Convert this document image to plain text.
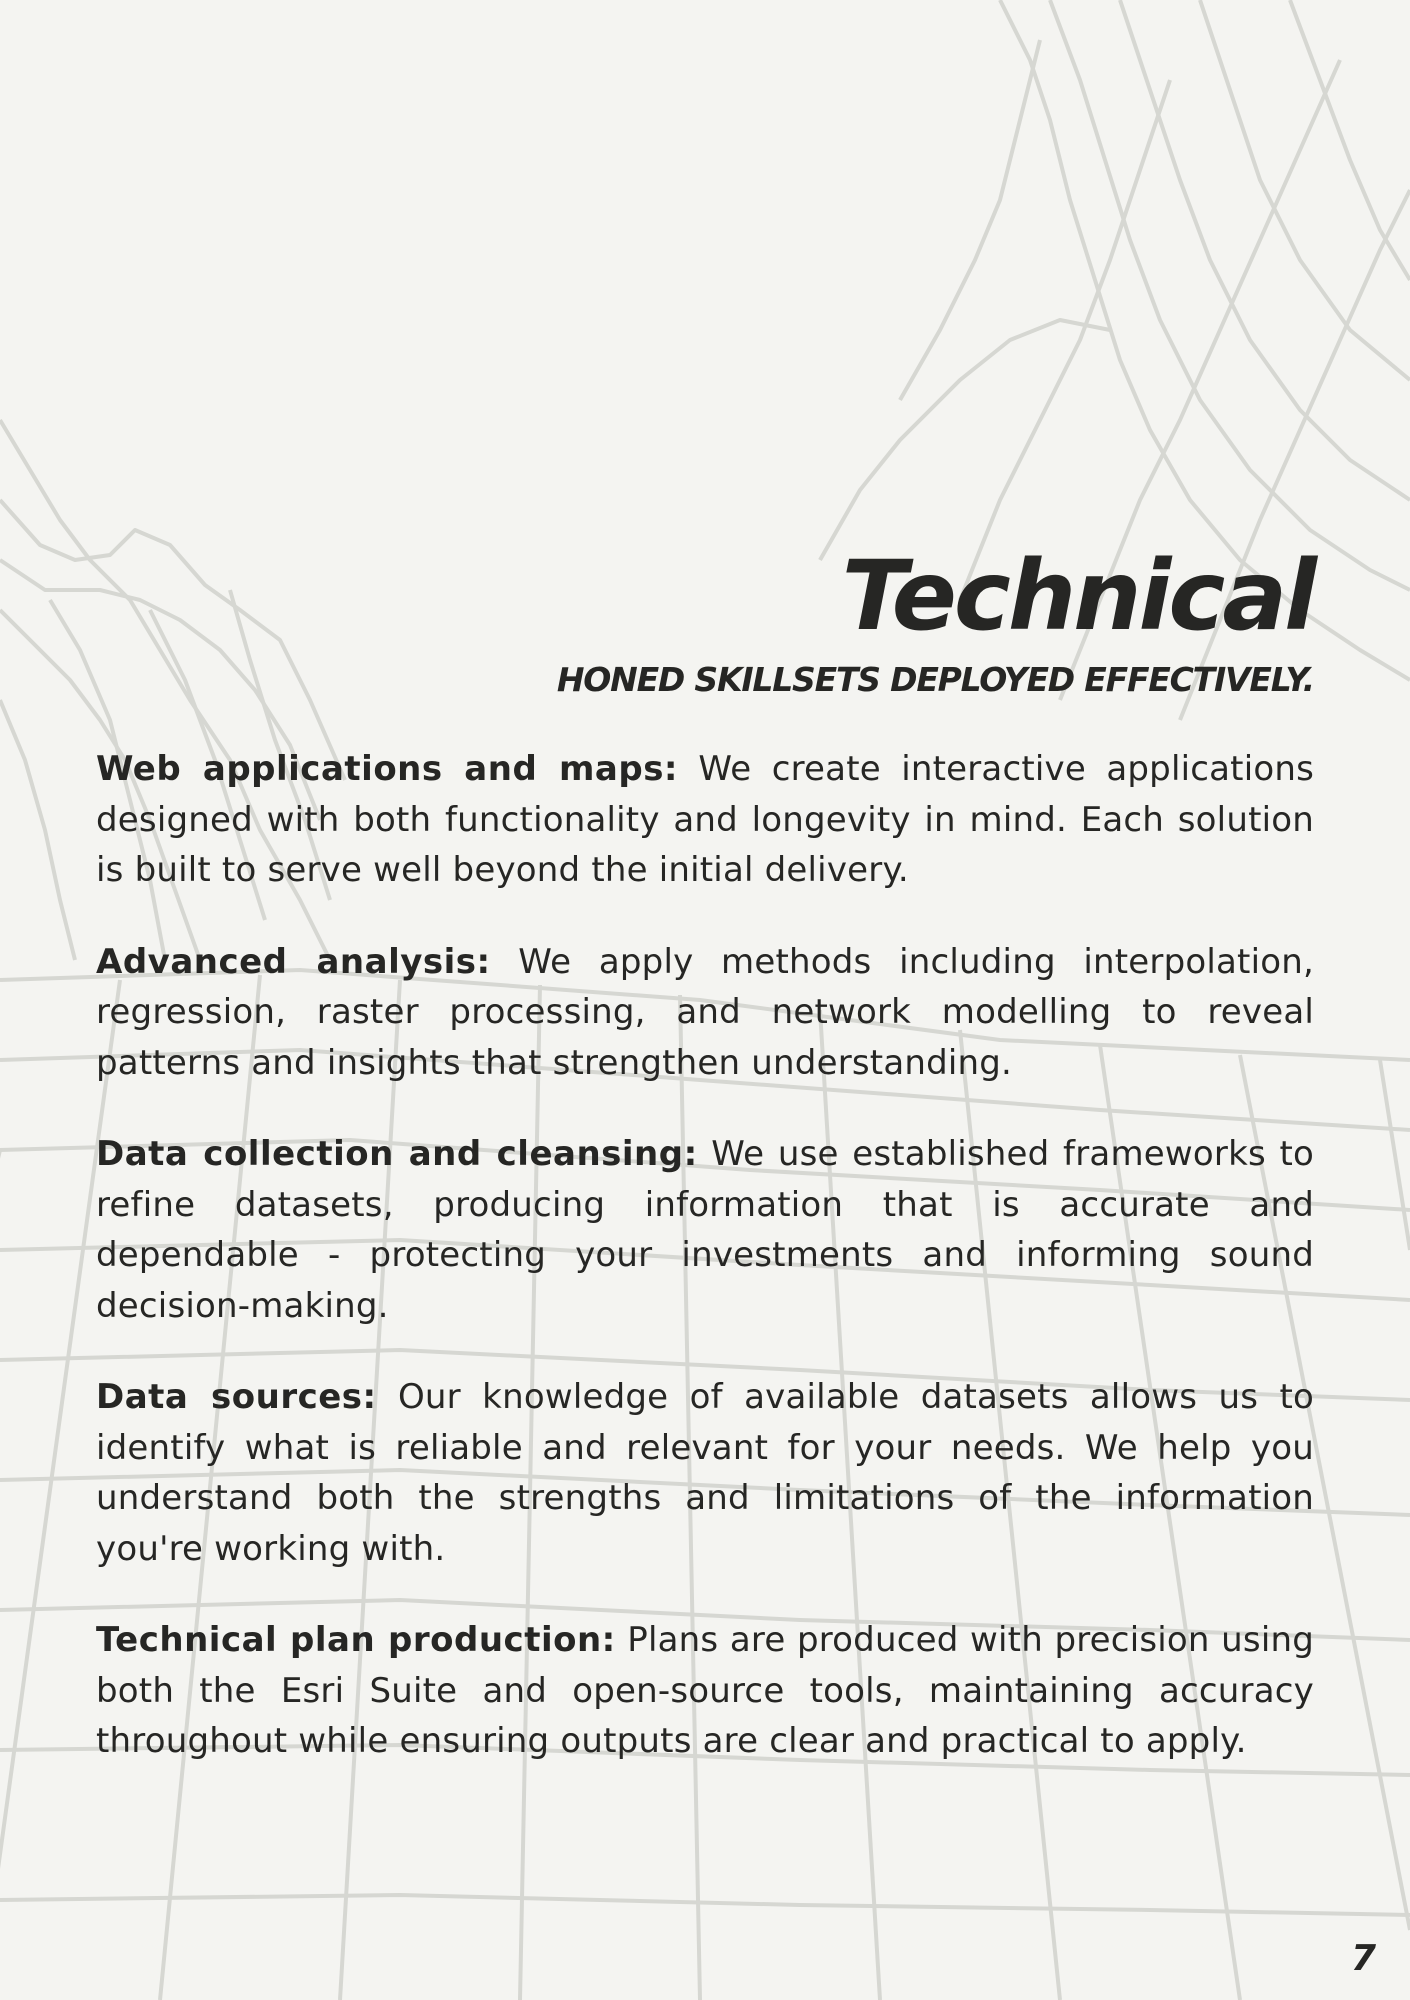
Technical
HONED SKILLSETS DEPLOYED EFFECTIVELY.

Web applications and maps: We create interactive applications designed with both functionality and longevity in mind. Each solution is built to serve well beyond the initial delivery.

Advanced analysis: We apply methods including interpolation, regression, raster processing, and network modelling to reveal patterns and insights that strengthen understanding.

Data collection and cleansing: We use established frameworks to refine datasets, producing information that is accurate and dependable - protecting your investments and informing sound decision-making.

Data sources: Our knowledge of available datasets allows us to identify what is reliable and relevant for your needs. We help you understand both the strengths and limitations of the information you're working with.

Technical plan production: Plans are produced with precision using both the Esri Suite and open-source tools, maintaining accuracy throughout while ensuring outputs are clear and practical to apply.

7
